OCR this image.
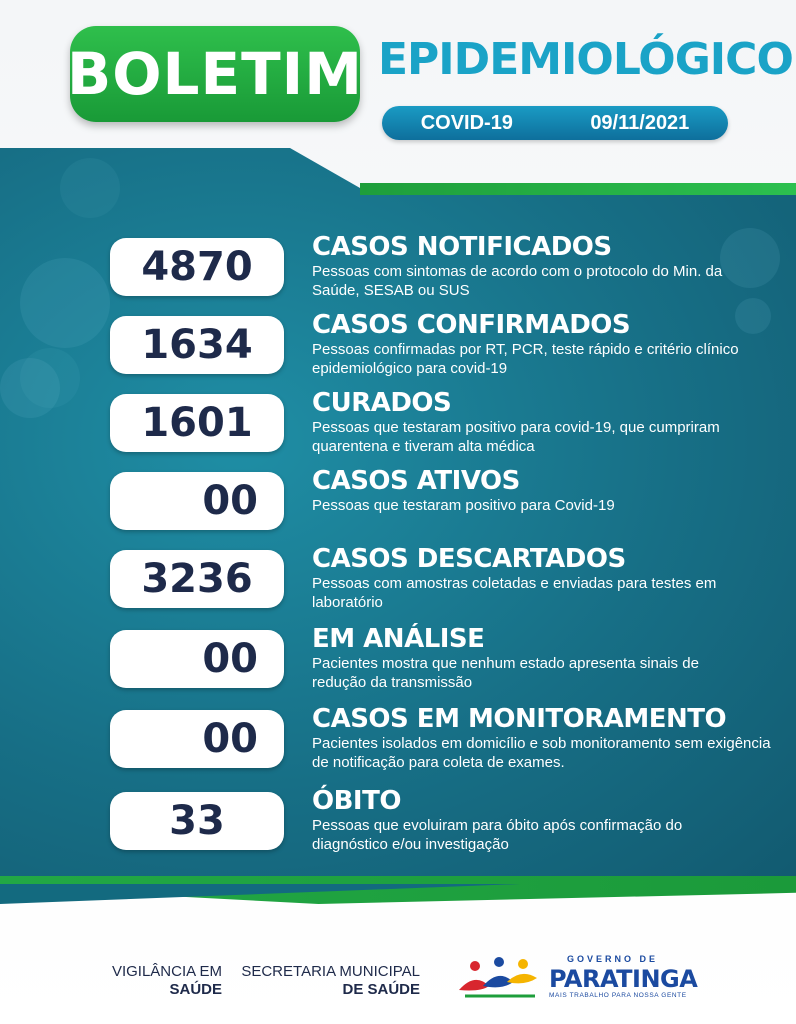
BOLETIM EPIDEMIOLÓGICO
COVID-19	09/11/2021
4870 CASOS NOTIFICADOS
Pessoas com sintomas de acordo com o protocolo do Min. da Saúde, SESAB ou SUS
1634 CASOS CONFIRMADOS
Pessoas confirmadas por RT, PCR, teste rápido e critério clínico epidemiológico para covid-19
1601 CURADOS
Pessoas que testaram positivo para covid-19, que cumpriram quarentena e tiveram alta médica
00 CASOS ATIVOS
Pessoas que testaram positivo para Covid-19
3236 CASOS DESCARTADOS
Pessoas com amostras coletadas e enviadas para testes em laboratório
00 EM ANÁLISE
Pacientes mostra que nenhum estado apresenta sinais de redução da transmissão
00 CASOS EM MONITORAMENTO
Pacientes isolados em domicílio e sob monitoramento sem exigência de notificação para coleta de exames.
33	ÓBITO
Pessoas que evoluiram para óbito após confirmação do diagnóstico e/ou investigação
VIGILÂNCIA EM
SAÚDE
SECRETARIA MUNICIPAL
DE SAÚDE
GOVERNO DE
PARATINGA
MAIS TRABALHO PARA NOSSA GENTE
